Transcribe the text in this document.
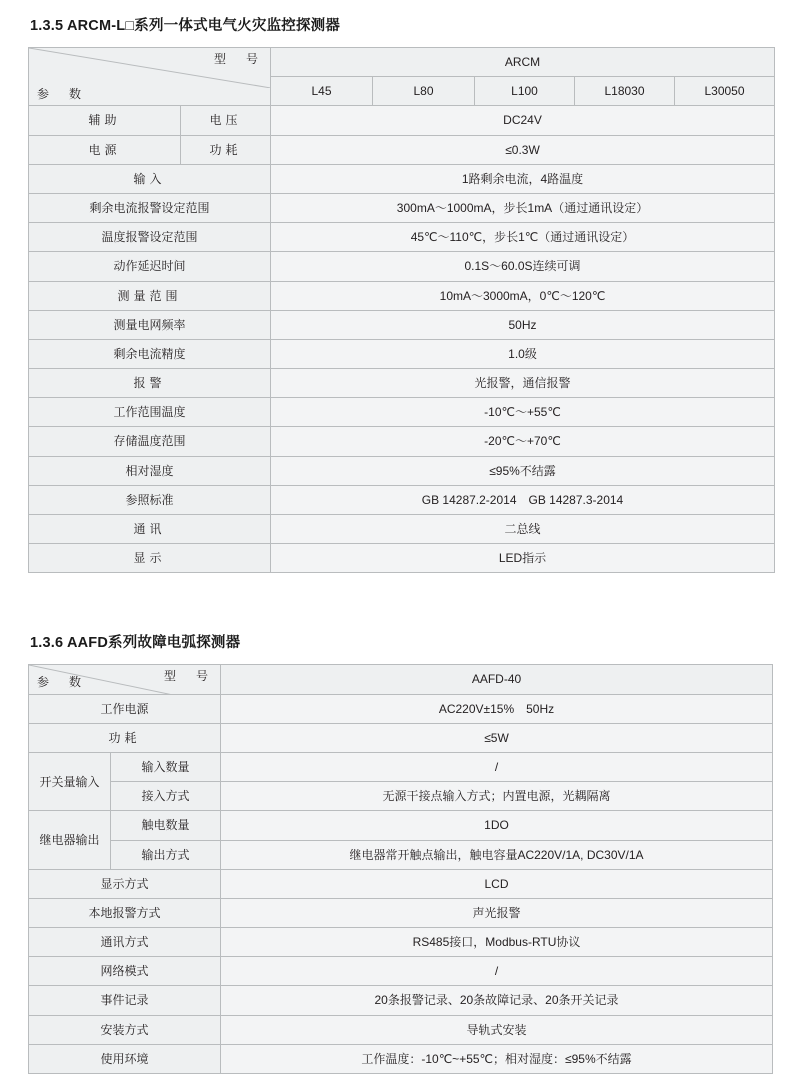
1.3.5 ARCM-L□系列一体式电气火灾监控探测器
型　号
参　数		ARCM				
		L45	L80	L100	L18030	L30050
辅助	电压	DC24V				
电源	功耗	≤0.3W				
输入		1路剩余电流，4路温度				
剩余电流报警设定范围		300mA～1000mA，步长1mA（通过通讯设定）				
温度报警设定范围		45℃～110℃，步长1℃（通过通讯设定）				
动作延迟时间		0.1S～60.0S连续可调				
测量范围		10mA～3000mA，0℃～120℃				
测量电网频率		50Hz				
剩余电流精度		1.0级				
报警		光报警，通信报警				
工作范围温度		-10℃～+55℃				
存储温度范围		-20℃～+70℃				
相对湿度		≤95%不结露				
参照标准		GB 14287.2-2014　GB 14287.3-2014				
通讯		二总线				
显示		LED指示				
1.3.6 AAFD系列故障电弧探测器
型　号
参　数		AAFD-40
工作电源		AC220V±15%　50Hz
功耗		≤5W
开关量输入	输入数量	/
	接入方式	无源干接点输入方式；内置电源，光耦隔离
继电器输出	触电数量	1DO
	输出方式	继电器常开触点输出，触电容量AC220V/1A, DC30V/1A
显示方式		LCD
本地报警方式		声光报警
通讯方式		RS485接口，Modbus-RTU协议
网络模式		/
事件记录		20条报警记录、20条故障记录、20条开关记录
安装方式		导轨式安装
使用环境		工作温度：-10℃~+55℃；相对湿度：≤95%不结露
